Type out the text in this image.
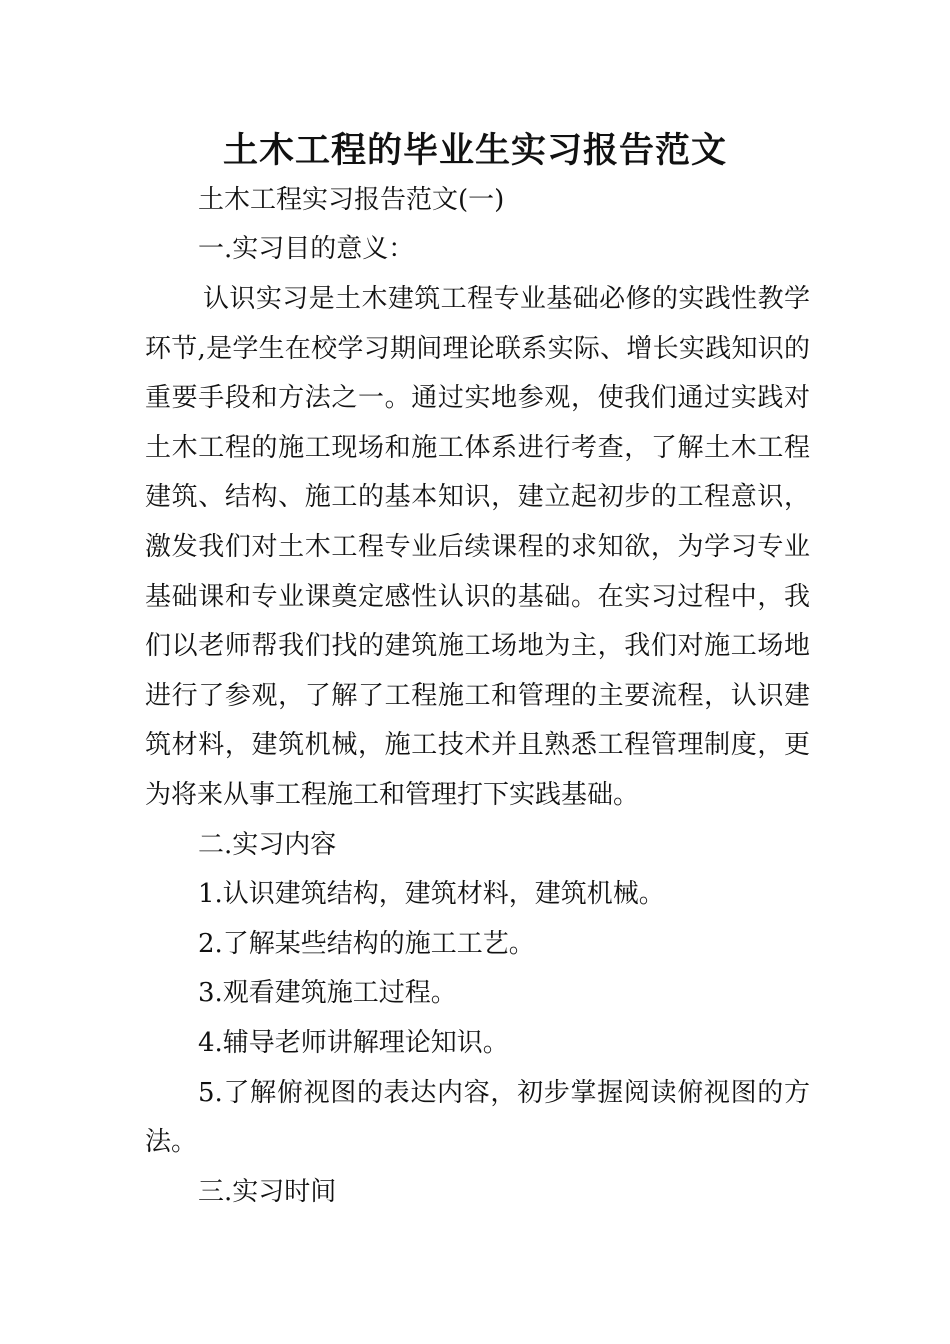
土木工程的毕业生实习报告范文
土木工程实习报告范文(一)
一.实习目的意义：
认识实习是土木建筑工程专业基础必修的实践性教学
环节,是学生在校学习期间理论联系实际、增长实践知识的
重要手段和方法之一。通过实地参观，使我们通过实践对
土木工程的施工现场和施工体系进行考查，了解土木工程
建筑、结构、施工的基本知识，建立起初步的工程意识，
激发我们对土木工程专业后续课程的求知欲，为学习专业
基础课和专业课奠定感性认识的基础。在实习过程中，我
们以老师帮我们找的建筑施工场地为主，我们对施工场地
进行了参观，了解了工程施工和管理的主要流程，认识建
筑材料，建筑机械，施工技术并且熟悉工程管理制度，更
为将来从事工程施工和管理打下实践基础。
二.实习内容
1.认识建筑结构，建筑材料，建筑机械。
2.了解某些结构的施工工艺。
3.观看建筑施工过程。
4.辅导老师讲解理论知识。
5.了解俯视图的表达内容，初步掌握阅读俯视图的方
法。
三.实习时间
